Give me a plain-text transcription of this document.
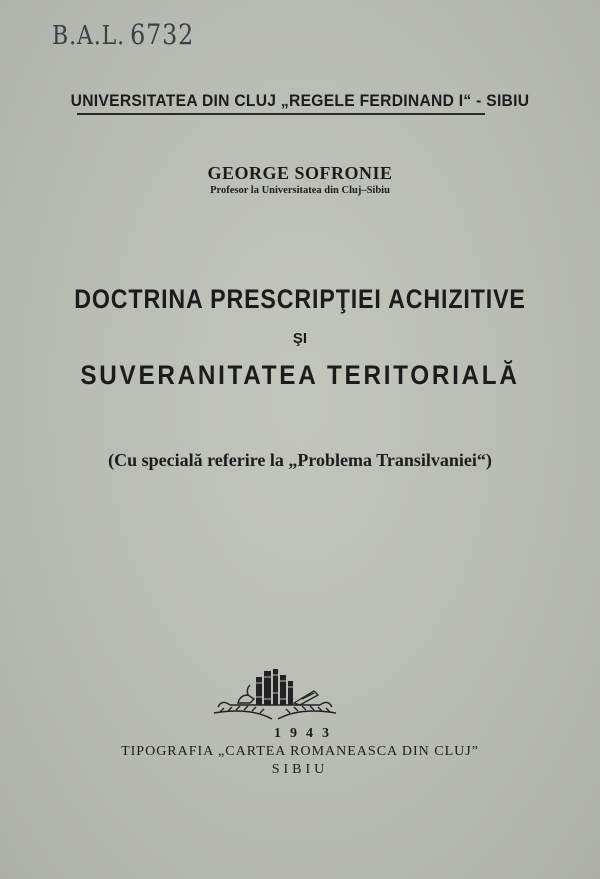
B.A.L. 6732
UNIVERSITATEA DIN CLUJ „REGELE FERDINAND I“ - SIBIU
GEORGE SOFRONIE
Profesor la Universitatea din Cluj–Sibiu
DOCTRINA PRESCRIPŢIEI ACHIZITIVE
ŞI
SUVERANITATEA TERITORIALĂ
(Cu specială referire la „Problema Transilvaniei“)
1943
TIPOGRAFIA „CARTEA ROMANEASCA DIN CLUJ”
SIBIU
